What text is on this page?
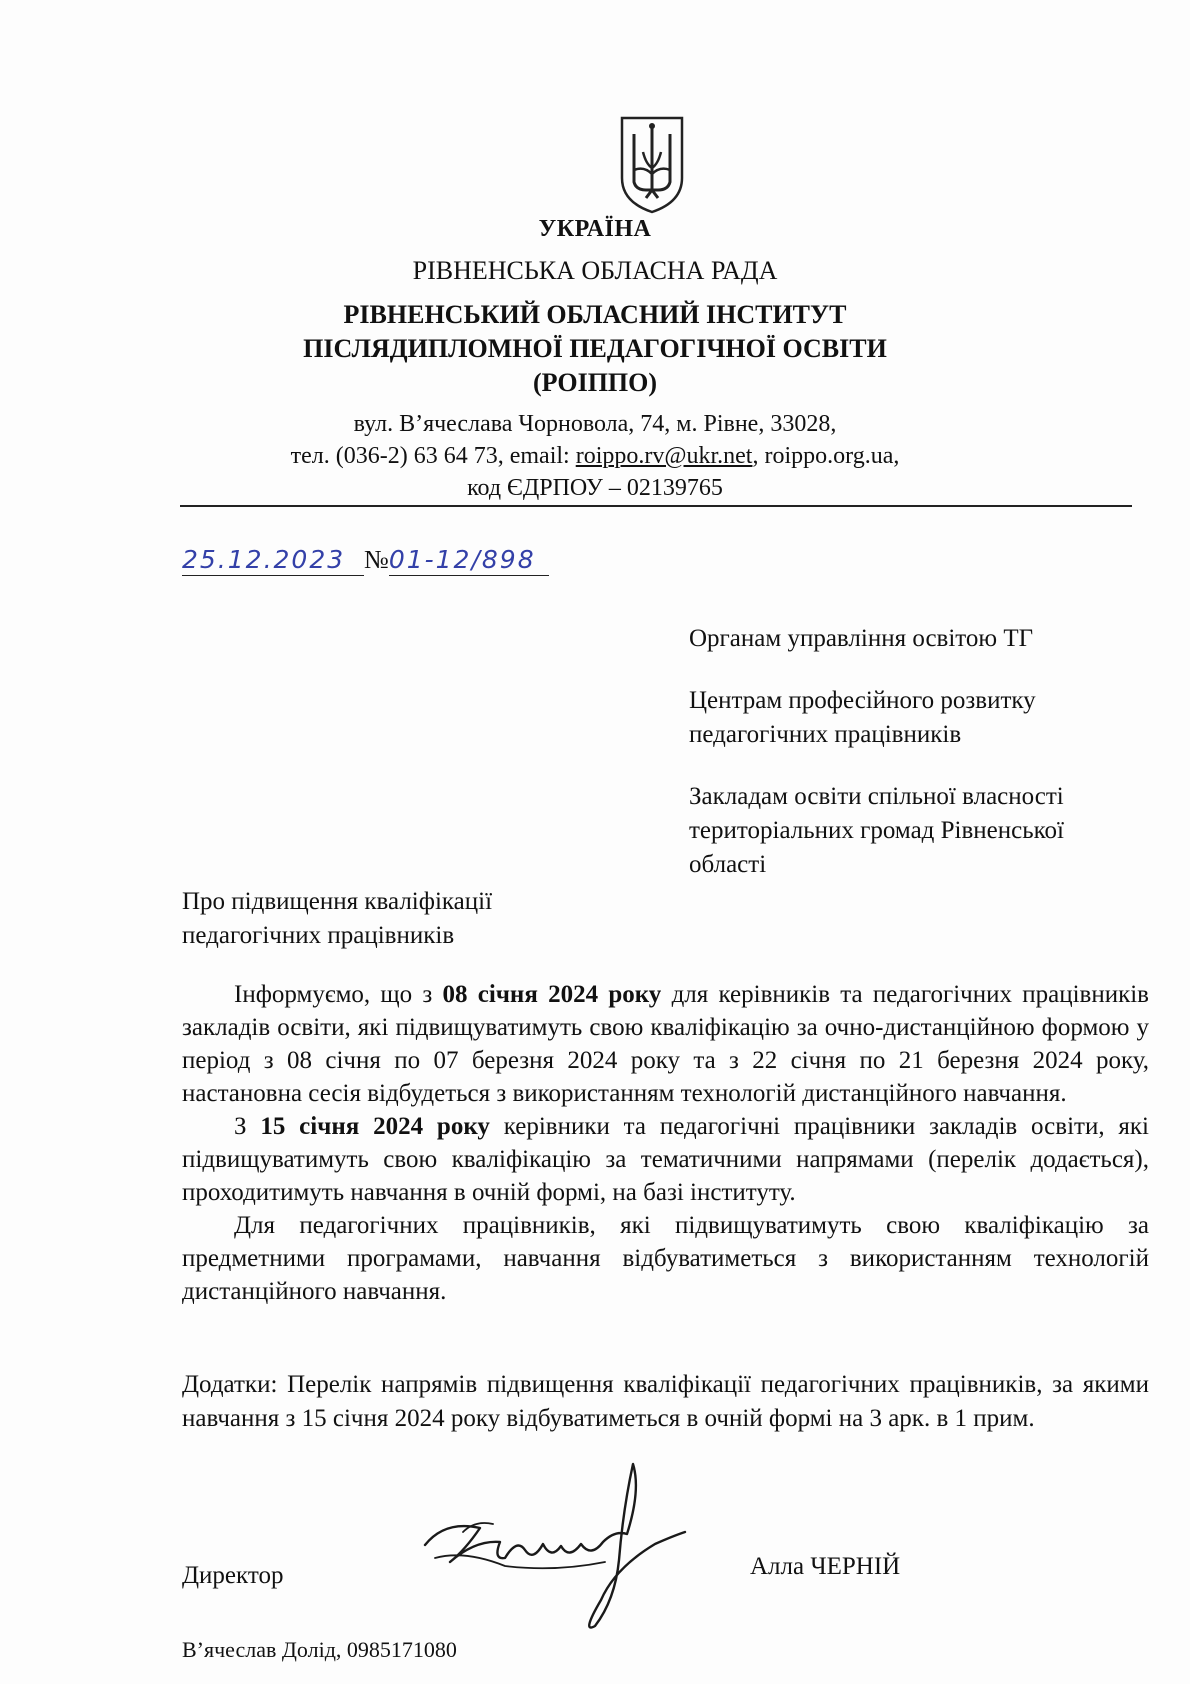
УКРАЇНА
РІВНЕНСЬКА ОБЛАСНА РАДА
РІВНЕНСЬКИЙ ОБЛАСНИЙ ІНСТИТУТ
ПІСЛЯДИПЛОМНОЇ ПЕДАГОГІЧНОЇ ОСВІТИ
(РОІППО)
вул. В’ячеслава Чорновола, 74, м. Рівне, 33028,
тел. (036-2) 63 64 73, email: roippo.rv@ukr.net, roippo.org.ua,
код ЄДРПОУ – 02139765
25.12.2023 №01-12/898

Органам управління освітою ТГ

Центрам професійного розвитку педагогічних працівників

Закладам освіти спільної власності територіальних громад Рівненської області

Про підвищення кваліфікації
педагогічних працівників

Інформуємо, що з 08 січня 2024 року для керівників та педагогічних працівників закладів освіти, які підвищуватимуть свою кваліфікацію за очно-дистанційною формою у період з 08 січня по 07 березня 2024 року та з 22 січня по 21 березня 2024 року, настановна сесія відбудеться з використанням технологій дистанційного навчання.

З 15 січня 2024 року керівники та педагогічні працівники закладів освіти, які підвищуватимуть свою кваліфікацію за тематичними напрямами (перелік додається), проходитимуть навчання в очній формі, на базі інституту.

Для педагогічних працівників, які підвищуватимуть свою кваліфікацію за предметними програмами, навчання відбуватиметься з використанням технологій дистанційного навчання.

Додатки: Перелік напрямів підвищення кваліфікації педагогічних працівників, за якими навчання з 15 січня 2024 року відбуватиметься в очній формі на 3 арк. в 1 прим.
Директор	Алла ЧЕРНІЙ
В’ячеслав Долід, 0985171080
